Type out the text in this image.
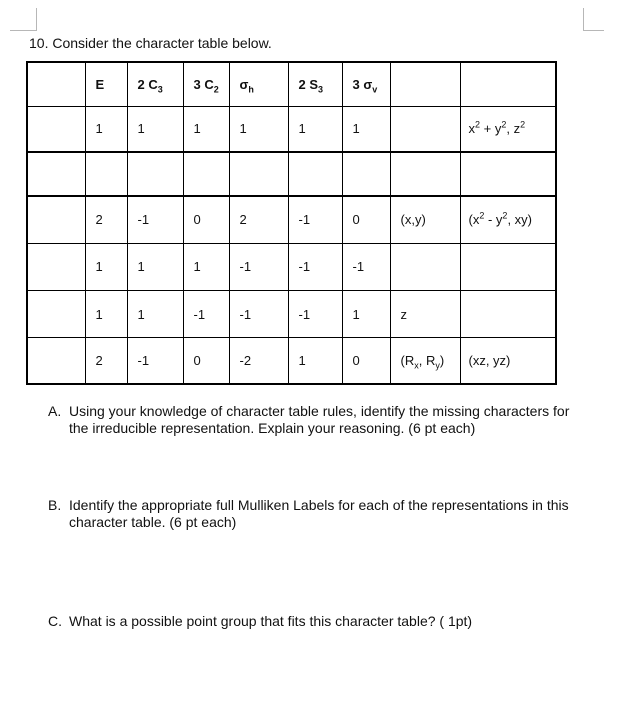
10. Consider the character table below.
	E	2 $C_3$	3 $C_2$	$\sigma_h$	2 $S_3$	3 $\sigma_v$		
	1	1	1	1	1	1		$x^2 + y^2$, $z^2$

	2	-1	0	2	-1	0	(x,y)	($x^2 - y^2$, xy)
	1	1	1	-1	-1	-1		
	1	1	-1	-1	-1	1	z	
	2	-1	0	-2	1	0	($R_x$, $R_y$)	(xz, yz)
A. Using your knowledge of character table rules, identify the missing characters for the irreducible representation. Explain your reasoning. (6 pt each)
B. Identify the appropriate full Mulliken Labels for each of the representations in this character table. (6 pt each)
C. What is a possible point group that fits this character table? ( 1pt)
